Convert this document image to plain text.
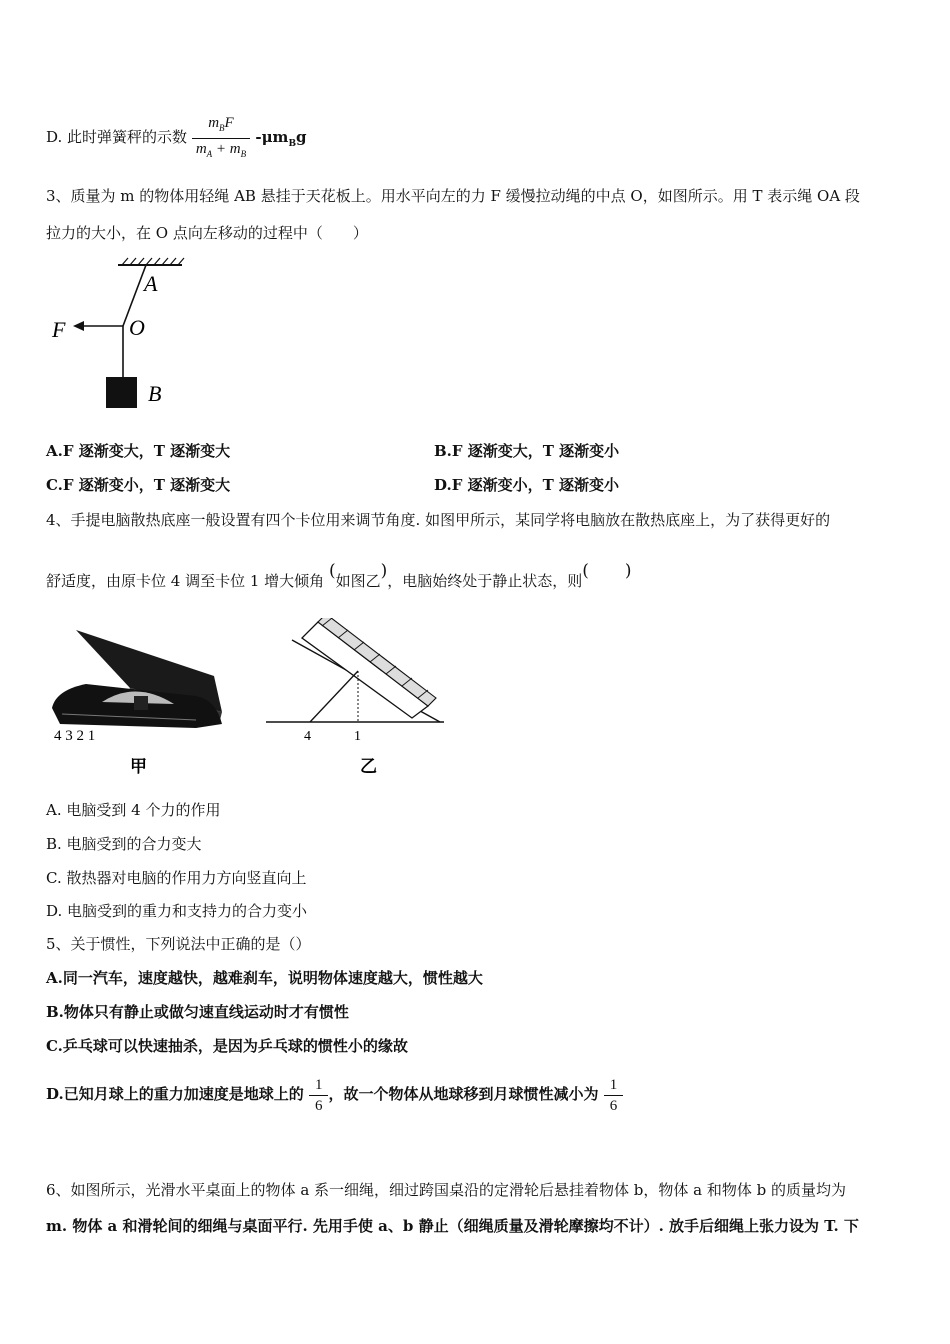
D. 此时弹簧秤的示数 $\frac{m_BF}{m_A + m_B} -\mu m_Bg$
3、质量为 m 的物体用轻绳 AB 悬挂于天花板上。用水平向左的力 F 缓慢拉动绳的中点 O，如图所示。用 T 表示绳 OA 段
拉力的大小，在 O 点向左移动的过程中（　　）
A
O
F
B
A.F 逐渐变大，T 逐渐变大	B.F 逐渐变大，T 逐渐变小
C.F 逐渐变小，T 逐渐变大	D.F 逐渐变小，T 逐渐变小
4、手提电脑散热底座一般设置有四个卡位用来调节角度. 如图甲所示，某同学将电脑放在散热底座上，为了获得更好的
舒适度，由原卡位 4 调至卡位 1 增大倾角 (如图乙)，电脑始终处于静止状态，则( )
4 3 2 1
甲
4	1
乙
A. 电脑受到 4 个力的作用
B. 电脑受到的合力变大
C. 散热器对电脑的作用力方向竖直向上
D. 电脑受到的重力和支持力的合力变小
5、关于惯性，下列说法中正确的是（）
A.同一汽车，速度越快，越难刹车，说明物体速度越大，惯性越大
B.物体只有静止或做匀速直线运动时才有惯性
C.乒乓球可以快速抽杀，是因为乒乓球的惯性小的缘故
D.已知月球上的重力加速度是地球上的 $\frac{1}{6}$ ，故一个物体从地球移到月球惯性减小为 $\frac{1}{6}$
6、如图所示，光滑水平桌面上的物体 a 系一细绳，细过跨国桌沿的定滑轮后悬挂着物体 b，物体 a 和物体 b 的质量均为
m. 物体 a 和滑轮间的细绳与桌面平行. 先用手使 a、b 静止（细绳质量及滑轮摩擦均不计）. 放手后细绳上张力设为 T. 下
